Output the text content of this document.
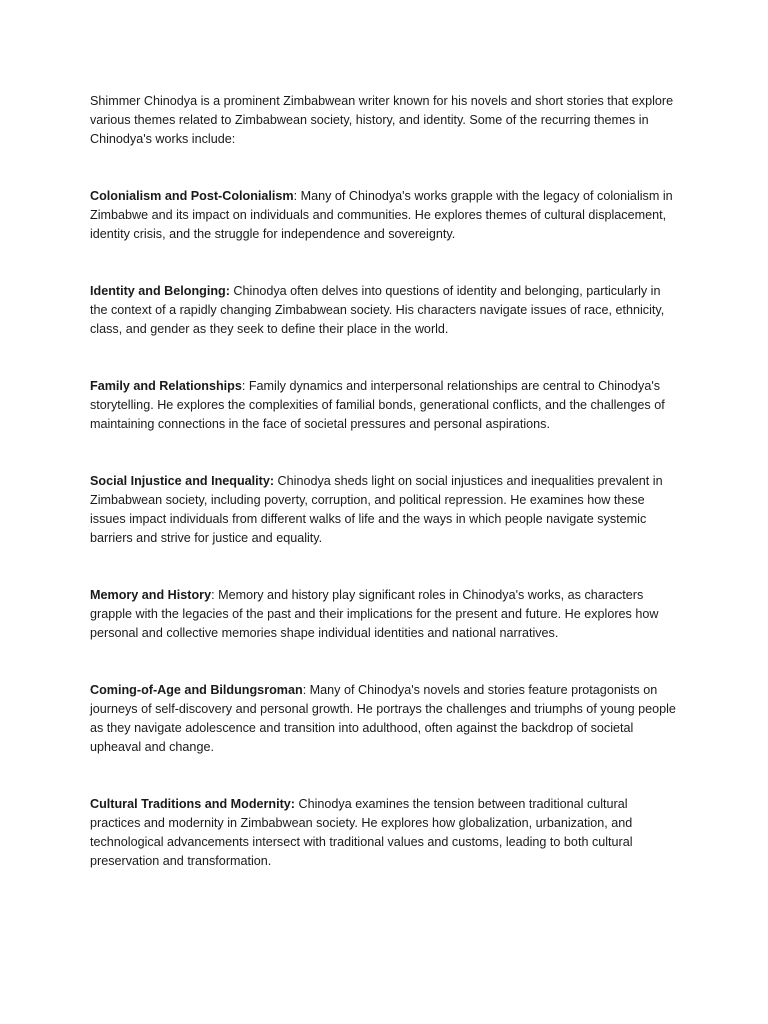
Shimmer Chinodya is a prominent Zimbabwean writer known for his novels and short stories that explore various themes related to Zimbabwean society, history, and identity. Some of the recurring themes in Chinodya's works include:

Colonialism and Post-Colonialism: Many of Chinodya's works grapple with the legacy of colonialism in Zimbabwe and its impact on individuals and communities. He explores themes of cultural displacement, identity crisis, and the struggle for independence and sovereignty.

Identity and Belonging: Chinodya often delves into questions of identity and belonging, particularly in the context of a rapidly changing Zimbabwean society. His characters navigate issues of race, ethnicity, class, and gender as they seek to define their place in the world.

Family and Relationships: Family dynamics and interpersonal relationships are central to Chinodya's storytelling. He explores the complexities of familial bonds, generational conflicts, and the challenges of maintaining connections in the face of societal pressures and personal aspirations.

Social Injustice and Inequality: Chinodya sheds light on social injustices and inequalities prevalent in Zimbabwean society, including poverty, corruption, and political repression. He examines how these issues impact individuals from different walks of life and the ways in which people navigate systemic barriers and strive for justice and equality.

Memory and History: Memory and history play significant roles in Chinodya's works, as characters grapple with the legacies of the past and their implications for the present and future. He explores how personal and collective memories shape individual identities and national narratives.

Coming-of-Age and Bildungsroman: Many of Chinodya's novels and stories feature protagonists on journeys of self-discovery and personal growth. He portrays the challenges and triumphs of young people as they navigate adolescence and transition into adulthood, often against the backdrop of societal upheaval and change.

Cultural Traditions and Modernity: Chinodya examines the tension between traditional cultural practices and modernity in Zimbabwean society. He explores how globalization, urbanization, and technological advancements intersect with traditional values and customs, leading to both cultural preservation and transformation.
